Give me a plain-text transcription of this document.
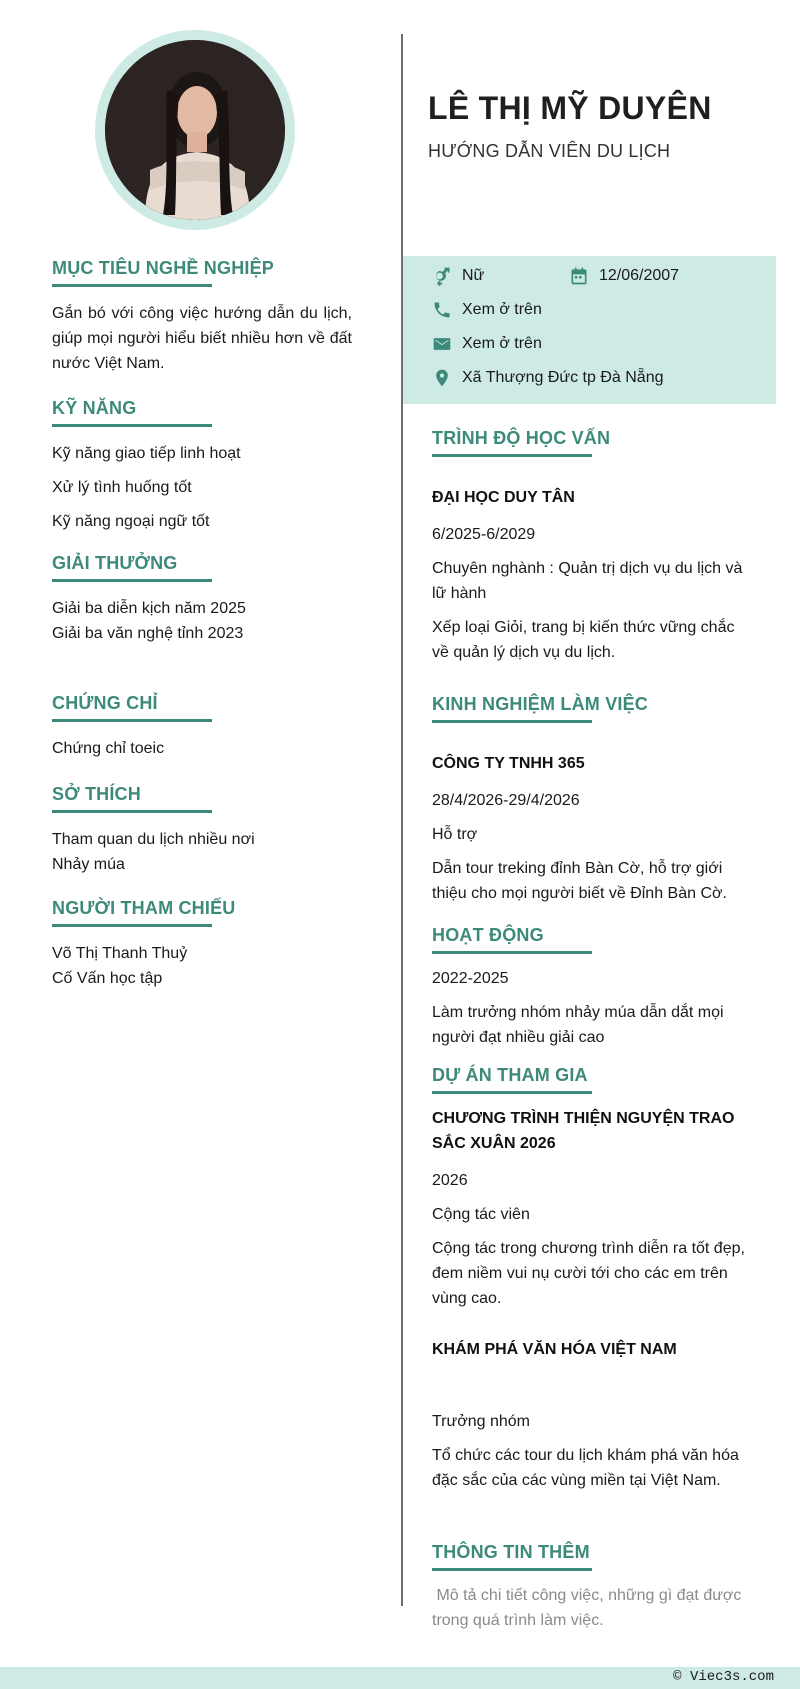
MỤC TIÊU NGHỀ NGHIỆP
Gắn bó với công việc hướng dẫn du lịch, giúp mọi người hiểu biết nhiều hơn về đất nước Việt Nam.
KỸ NĂNG
Kỹ năng giao tiếp linh hoạt
Xử lý tình huống tốt
Kỹ năng ngoại ngữ tốt
GIẢI THƯỞNG
Giải ba diễn kịch năm 2025
Giải ba văn nghệ tỉnh 2023
CHỨNG CHỈ
Chứng chỉ toeic
SỞ THÍCH
Tham quan du lịch nhiều nơi
Nhảy múa
NGƯỜI THAM CHIẾU
Võ Thị Thanh Thuỷ
Cố Vấn học tập
LÊ THỊ MỸ DUYÊN
HƯỚNG DẪN VIÊN DU LỊCH
Nữ	12/06/2007
Xem ở trên
Xem ở trên
Xã Thượng Đức tp Đà Nẵng
TRÌNH ĐỘ HỌC VẤN
ĐẠI HỌC DUY TÂN
6/2025-6/2029
Chuyên nghành : Quản trị dịch vụ du lịch và lữ hành
Xếp loại Giỏi, trang bị kiến thức vững chắc về quản lý dịch vụ du lịch.
KINH NGHIỆM LÀM VIỆC
CÔNG TY TNHH 365
28/4/2026-29/4/2026
Hỗ trợ
Dẫn tour treking đỉnh Bàn Cờ, hỗ trợ giới thiệu cho mọi người biết về Đỉnh Bàn Cờ.
HOẠT ĐỘNG
2022-2025
Làm trưởng nhóm nhảy múa dẫn dắt mọi người đạt nhiều giải cao
DỰ ÁN THAM GIA
CHƯƠNG TRÌNH THIỆN NGUYỆN TRAO SẮC XUÂN 2026
2026
Cộng tác viên
Cộng tác trong chương trình diễn ra tốt đẹp, đem niềm vui nụ cười tới cho các em trên vùng cao.
KHÁM PHÁ VĂN HÓA VIỆT NAM
Trưởng nhóm
Tổ chức các tour du lịch khám phá văn hóa đặc sắc của các vùng miền tại Việt Nam.
THÔNG TIN THÊM
Mô tả chi tiết công việc, những gì đạt được trong quá trình làm việc.
© Viec3s.com
